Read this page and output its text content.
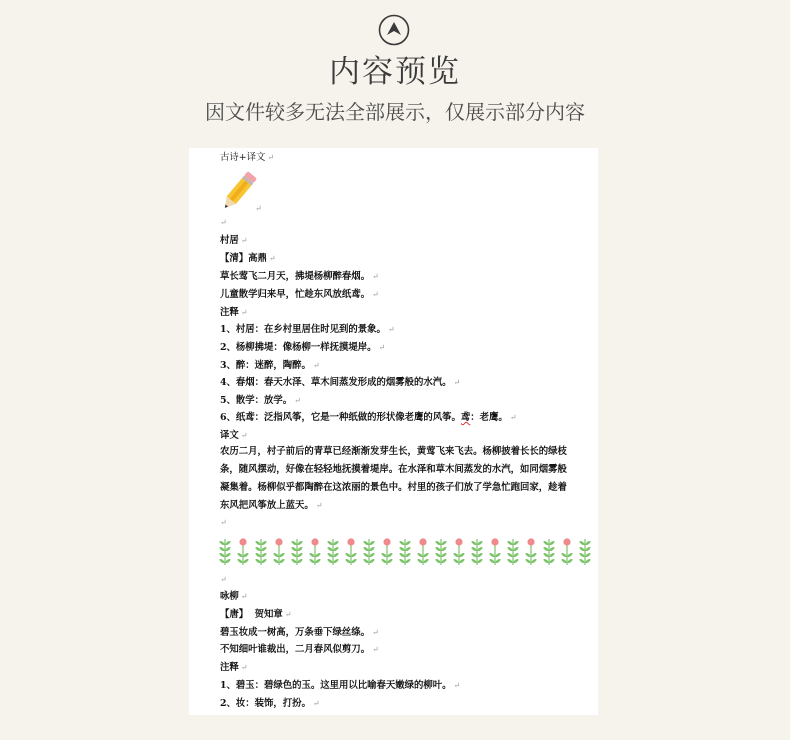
内容预览
因文件较多无法全部展示，仅展示部分内容
古诗+译文 ↵
↵
↵
村居 ↵
【清】高鼎 ↵
草长莺飞二月天，拂堤杨柳醉春烟。 ↵
儿童散学归来早，忙趁东风放纸鸢。 ↵
注释 ↵
1、村居：在乡村里居住时见到的景象。 ↵
2、杨柳拂堤：像杨柳一样抚摸堤岸。 ↵
3、醉：迷醉，陶醉。 ↵
4、春烟：春天水泽、草木间蒸发形成的烟雾般的水汽。 ↵
5、散学：放学。 ↵
6、纸鸢：泛指风筝，它是一种纸做的形状像老鹰的风筝。鸢：老鹰。 ↵
译文 ↵
农历二月，村子前后的青草已经渐渐发芽生长，黄莺飞来飞去。杨柳披着长长的绿枝条，随风摆动，好像在轻轻地抚摸着堤岸。在水泽和草木间蒸发的水汽，如同烟雾般凝集着。杨柳似乎都陶醉在这浓丽的景色中。村里的孩子们放了学急忙跑回家，趁着东风把风筝放上蓝天。 ↵
↵
↵
咏柳 ↵
【唐】  贺知章 ↵
碧玉妆成一树高，万条垂下绿丝绦。 ↵
不知细叶谁裁出，二月春风似剪刀。 ↵
注释 ↵
1、碧玉：碧绿色的玉。这里用以比喻春天嫩绿的柳叶。 ↵
2、妆：装饰，打扮。 ↵
